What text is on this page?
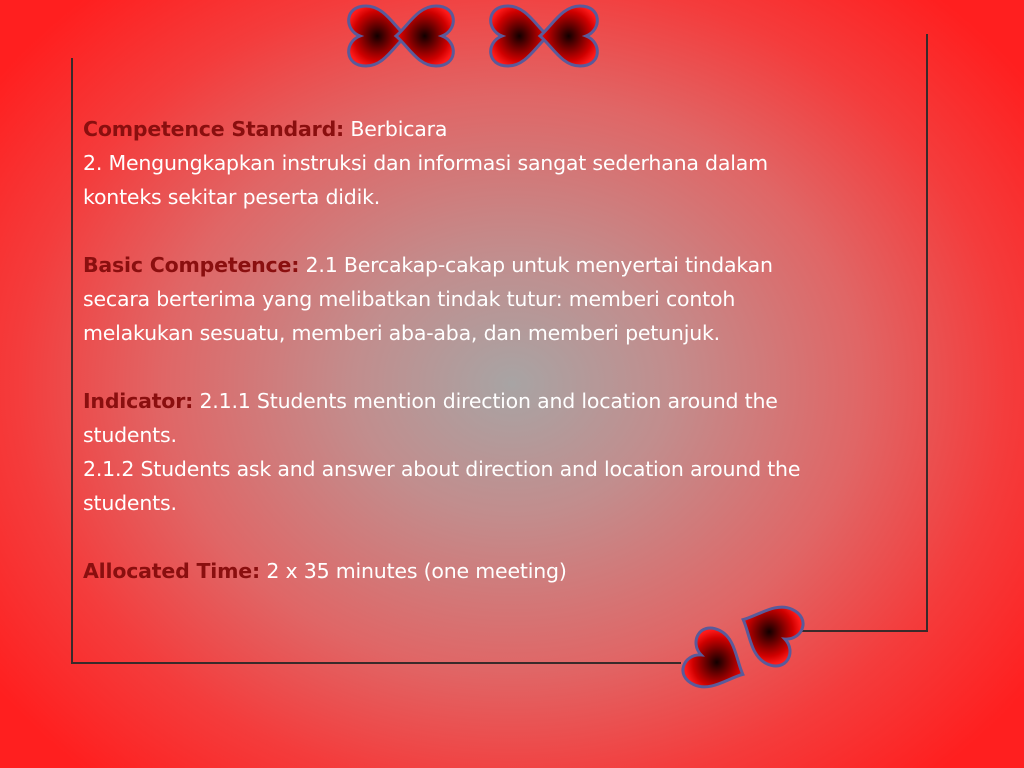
Competence Standard: Berbicara

2. Mengungkapkan instruksi dan informasi sangat sederhana dalam

konteks sekitar peserta didik.

Basic Competence: 2.1 Bercakap-cakap untuk menyertai tindakan

secara berterima yang melibatkan tindak tutur: memberi contoh

melakukan sesuatu, memberi aba-aba, dan memberi petunjuk.

Indicator: 2.1.1 Students mention direction and location around the

students.

2.1.2 Students ask and answer about direction and location around the

students.

Allocated Time: 2 x 35 minutes (one meeting)
